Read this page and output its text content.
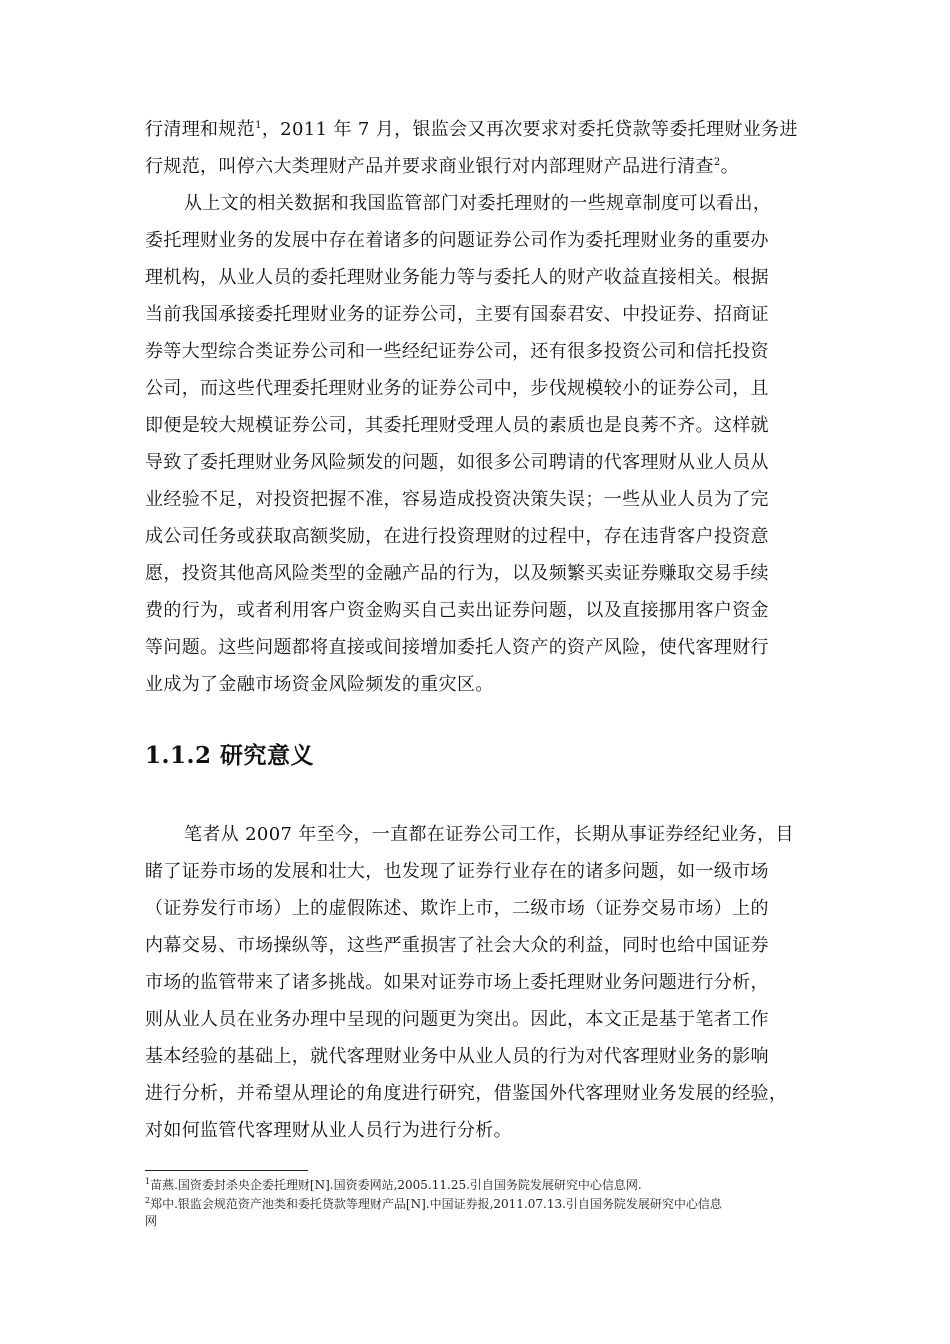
行清理和规范$^1$，2011 年 7 月，银监会又再次要求对委托贷款等委托理财业务进
行规范，叫停六大类理财产品并要求商业银行对内部理财产品进行清查$^2$。
从上文的相关数据和我国监管部门对委托理财的一些规章制度可以看出，
委托理财业务的发展中存在着诸多的问题证券公司作为委托理财业务的重要办
理机构，从业人员的委托理财业务能力等与委托人的财产收益直接相关。根据
当前我国承接委托理财业务的证券公司，主要有国泰君安、中投证券、招商证
券等大型综合类证券公司和一些经纪证券公司，还有很多投资公司和信托投资
公司，而这些代理委托理财业务的证券公司中，步伐规模较小的证券公司，且
即便是较大规模证券公司，其委托理财受理人员的素质也是良莠不齐。这样就
导致了委托理财业务风险频发的问题，如很多公司聘请的代客理财从业人员从
业经验不足，对投资把握不准，容易造成投资决策失误；一些从业人员为了完
成公司任务或获取高额奖励，在进行投资理财的过程中，存在违背客户投资意
愿，投资其他高风险类型的金融产品的行为，以及频繁买卖证券赚取交易手续
费的行为，或者利用客户资金购买自己卖出证券问题，以及直接挪用客户资金
等问题。这些问题都将直接或间接增加委托人资产的资产风险，使代客理财行
业成为了金融市场资金风险频发的重灾区。
1.1.2 研究意义
笔者从 2007 年至今，一直都在证券公司工作，长期从事证券经纪业务，目
睹了证券市场的发展和壮大，也发现了证券行业存在的诸多问题，如一级市场
（证券发行市场）上的虚假陈述、欺诈上市，二级市场（证券交易市场）上的
内幕交易、市场操纵等，这些严重损害了社会大众的利益，同时也给中国证券
市场的监管带来了诸多挑战。如果对证券市场上委托理财业务问题进行分析，
则从业人员在业务办理中呈现的问题更为突出。因此，本文正是基于笔者工作
基本经验的基础上，就代客理财业务中从业人员的行为对代客理财业务的影响
进行分析，并希望从理论的角度进行研究，借鉴国外代客理财业务发展的经验，
对如何监管代客理财从业人员行为进行分析。
$^1$苗燕.国资委封杀央企委托理财[N].国资委网站,2005.11.25.引自国务院发展研究中心信息网.
$^2$郑中.银监会规范资产池类和委托贷款等理财产品[N].中国证券报,2011.07.13.引自国务院发展研究中心信息
网
